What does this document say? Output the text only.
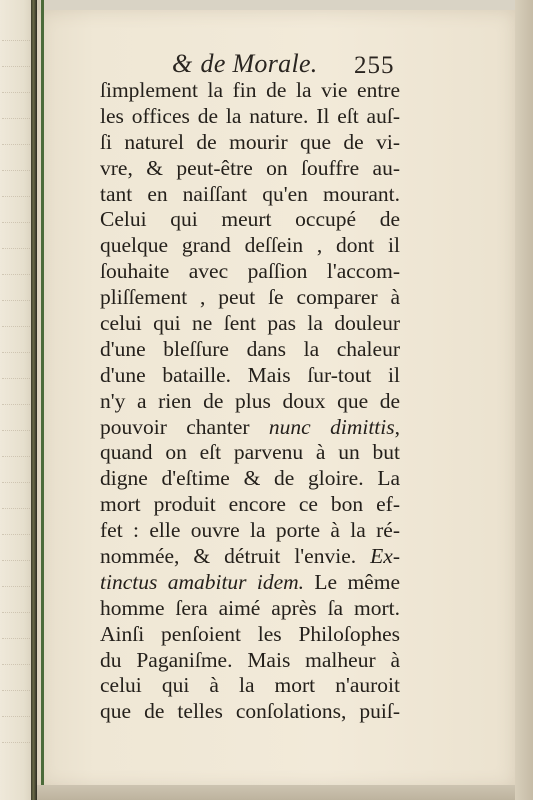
& de Morale.	255
ſimplement la fin de la vie entre
les offices de la nature. Il eſt auſ-
ſi naturel de mourir que de vi-
vre, & peut-être on ſouffre au-
tant en naiſſant qu'en mourant.
Celui qui meurt occupé de
quelque grand deſſein , dont il
ſouhaite avec paſſion l'accom-
pliſſement , peut ſe comparer à
celui qui ne ſent pas la douleur
d'une bleſſure dans la chaleur
d'une bataille. Mais ſur-tout il
n'y a rien de plus doux que de
pouvoir chanter nunc dimittis,
quand on eſt parvenu à un but
digne d'eſtime & de gloire. La
mort produit encore ce bon ef-
fet : elle ouvre la porte à la ré-
nommée, & détruit l'envie. Ex-
tinctus amabitur idem. Le même
homme ſera aimé après ſa mort.
Ainſi penſoient les Philoſophes
du Paganiſme. Mais malheur à
celui qui à la mort n'auroit
que de telles conſolations, puiſ-
